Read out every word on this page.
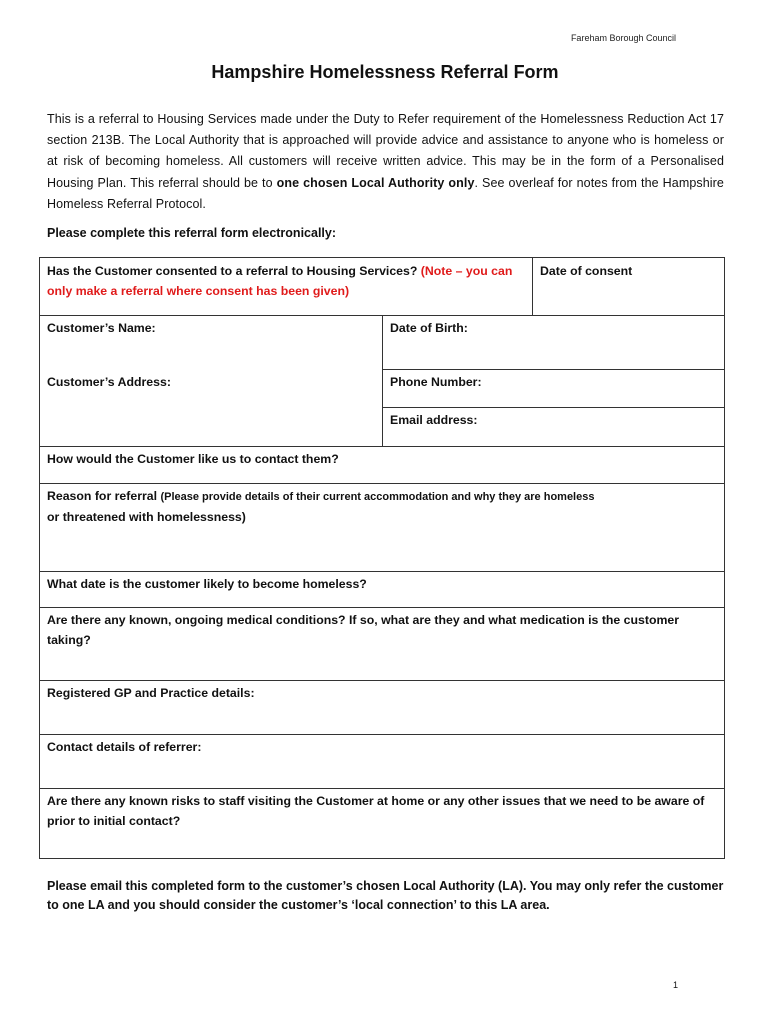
Fareham Borough Council
Hampshire Homelessness Referral Form

This is a referral to Housing Services made under the Duty to Refer requirement of the Homelessness Reduction Act 17 section 213B. The Local Authority that is approached will provide advice and assistance to anyone who is homeless or at risk of becoming homeless. All customers will receive written advice. This may be in the form of a Personalised Housing Plan. This referral should be to one chosen Local Authority only. See overleaf for notes from the Hampshire Homeless Referral Protocol.

Please complete this referral form electronically:

Has the Customer consented to a referral to Housing Services? (Note – you can only make a referral where consent has been given)
Date of consent
Customer’s Name:	Date of Birth:
Customer’s Address:	Phone Number:
Email address:
How would the Customer like us to contact them?
Reason for referral (Please provide details of their current accommodation and why they are homeless
or threatened with homelessness)
What date is the customer likely to become homeless?
Are there any known, ongoing medical conditions? If so, what are they and what medication is the customer taking?
Registered GP and Practice details:
Contact details of referrer:
Are there any known risks to staff visiting the Customer at home or any other issues that we need to be aware of prior to initial contact?

Please email this completed form to the customer’s chosen Local Authority (LA). You may only refer the customer to one LA and you should consider the customer’s ‘local connection’ to this LA area.

1
